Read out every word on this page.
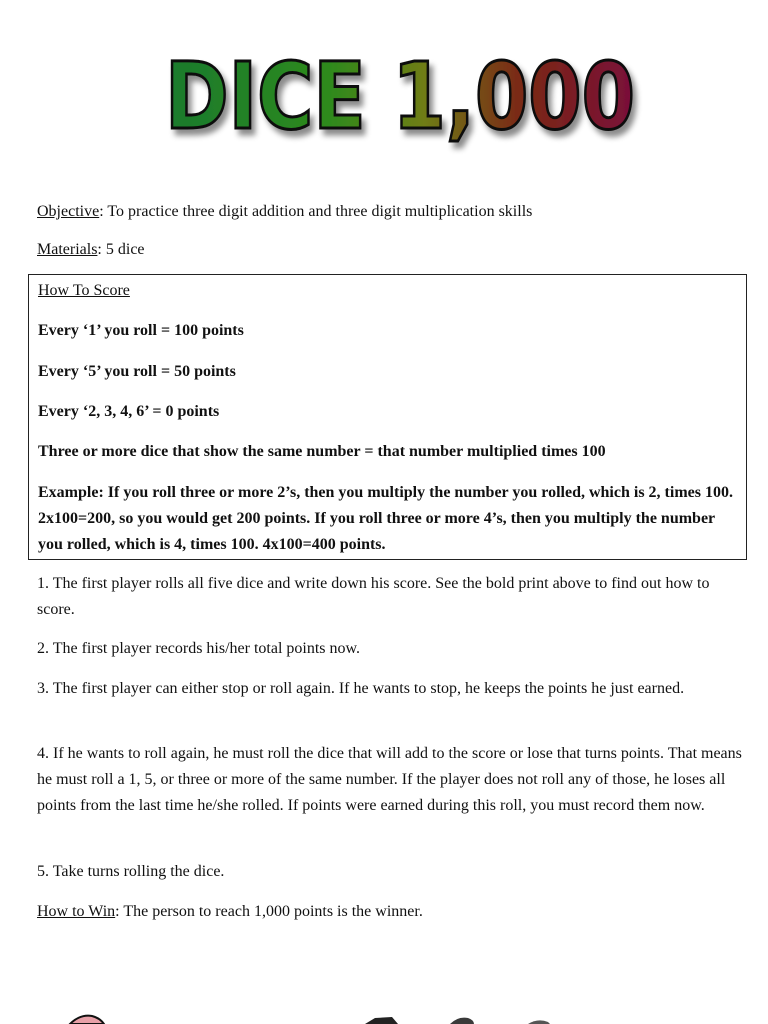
DICE 1,000
Objective: To practice three digit addition and three digit multiplication skills
Materials: 5 dice
How To Score
Every ‘1’ you roll = 100 points
Every ‘5’ you roll = 50 points
Every ‘2, 3, 4, 6’ = 0 points
Three or more dice that show the same number = that number multiplied times 100
Example: If you roll three or more 2’s, then you multiply the number you rolled, which is 2, times 100. 2x100=200, so you would get 200 points. If you roll three or more 4’s, then you multiply the number you rolled, which is 4, times 100. 4x100=400 points.
1. The first player rolls all five dice and write down his score. See the bold print above to find out how to score.
2. The first player records his/her total points now.
3. The first player can either stop or roll again. If he wants to stop, he keeps the points he just earned.
4. If he wants to roll again, he must roll the dice that will add to the score or lose that turns points. That means he must roll a 1, 5, or three or more of the same number. If the player does not roll any of those, he loses all points from the last time he/she rolled. If points were earned during this roll, you must record them now.
5. Take turns rolling the dice.
How to Win: The person to reach 1,000 points is the winner.
